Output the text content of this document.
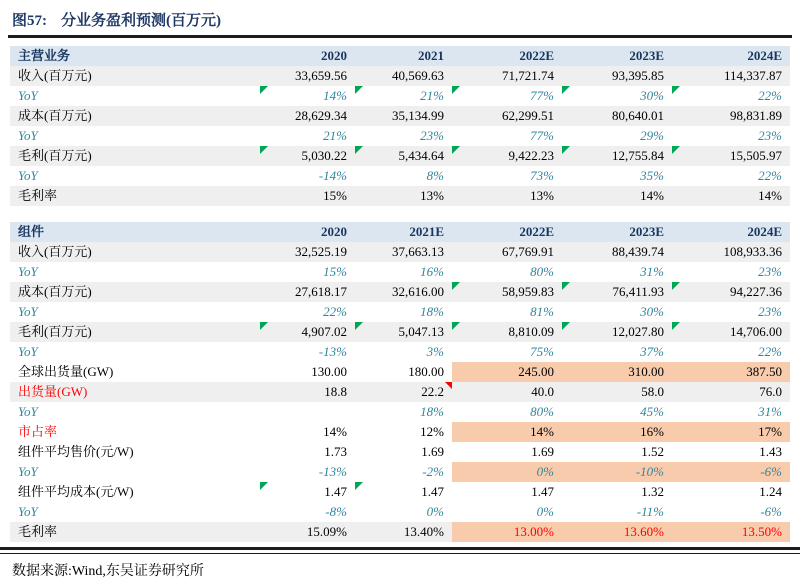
图57: 分业务盈利预测(百万元)
主营业务	2020	2021	2022E	2023E	2024E
收入(百万元)	33,659.56	40,569.63	71,721.74	93,395.85	114,337.87
YoY	14%	21%	77%	30%	22%

成本(百万元)	28,629.34	35,134.99	62,299.51	80,640.01	98,831.89
YoY	21%	23%	77%	29%	23%
毛利(百万元)	5,030.22	5,434.64	9,422.23	12,755.84	15,505.97

YoY	-14%	8%	73%	35%	22%
毛利率	15%	13%	13%	14%	14%
组件	2020	2021E	2022E	2023E	2024E
收入(百万元)	32,525.19	37,663.13	67,769.91	88,439.74	108,933.36
YoY	15%	16%	80%	31%	23%
成本(百万元)	27,618.17	32,616.00	58,959.83	76,411.93	94,227.36

YoY	22%	18%	81%	30%	23%
毛利(百万元)	4,907.02	5,047.13	8,810.09	12,027.80	14,706.00

YoY	-13%	3%	75%	37%	22%
全球出货量(GW)	130.00	180.00	245.00	310.00	387.50
出货量(GW)	18.8	22.2	40.0	58.0	76.0
YoY		18%	80%	45%	31%
市占率	14%	12%	14%	16%	17%
组件平均售价(元/W)	1.73	1.69	1.69	1.52	1.43
YoY	-13%	-2%	0%	-10%	-6%
组件平均成本(元/W)	1.47	1.47	1.47	1.32	1.24
YoY	-8%	0%	0%	-11%	-6%
毛利率	15.09%	13.40%	13.00%	13.60%	13.50%
数据来源:Wind,东吴证券研究所
